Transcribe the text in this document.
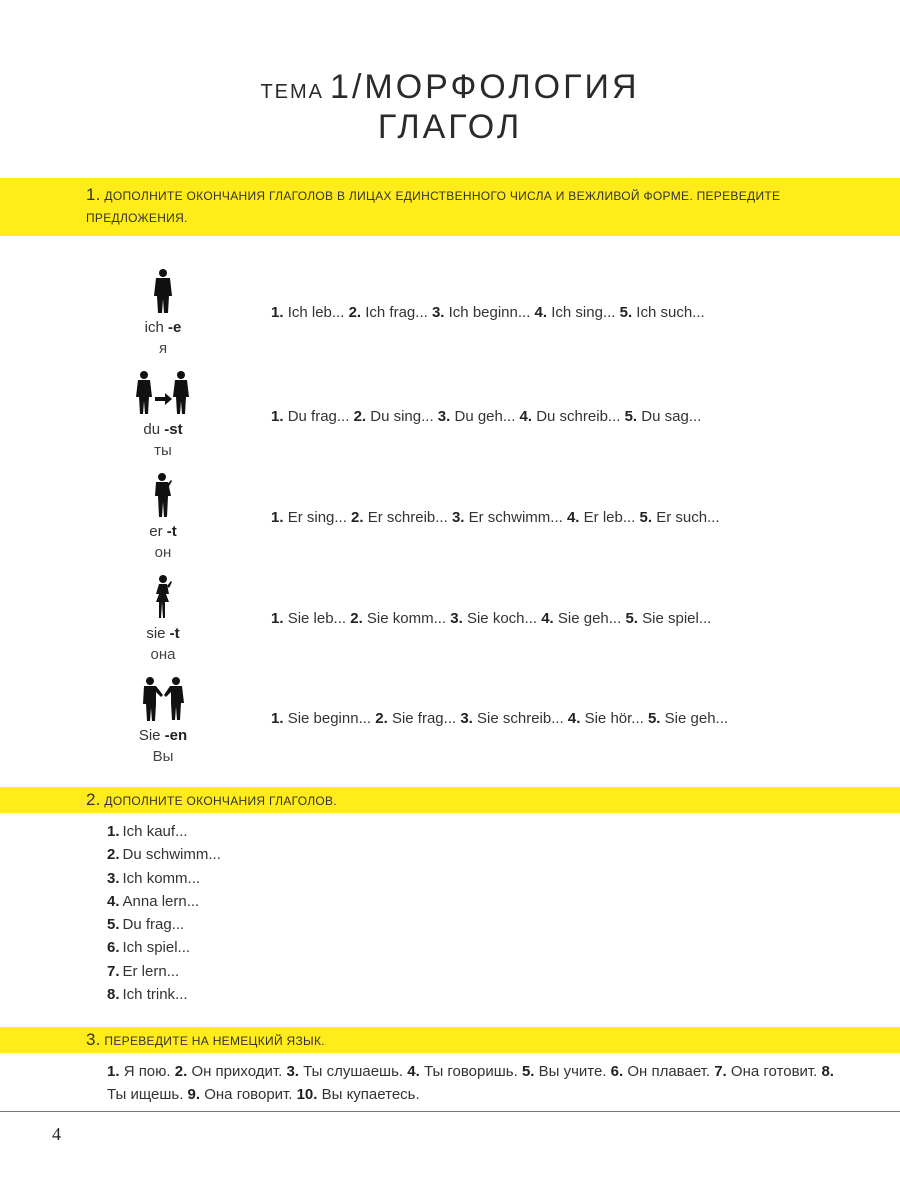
ТЕМА 1/МОРФОЛОГИЯ
ГЛАГОЛ
1. ДОПОЛНИТЕ ОКОНЧАНИЯ ГЛАГОЛОВ В ЛИЦАХ ЕДИНСТВЕННОГО ЧИСЛА И ВЕЖЛИВОЙ ФОРМЕ. ПЕРЕВЕДИТЕ ПРЕДЛОЖЕНИЯ.
ich -e
я
1. Ich leb... 2. Ich frag... 3. Ich beginn... 4. Ich sing... 5. Ich such...
du -st
ты
1. Du frag... 2. Du sing... 3. Du geh... 4. Du schreib... 5. Du sag...
er -t
он
1. Er sing... 2. Er schreib... 3. Er schwimm... 4. Er leb... 5. Er such...
sie -t
она
1. Sie leb... 2. Sie komm... 3. Sie koch... 4. Sie geh... 5. Sie spiel...
Sie -en
Вы
1. Sie beginn... 2. Sie frag... 3. Sie schreib... 4. Sie hör... 5. Sie geh...
2. ДОПОЛНИТЕ ОКОНЧАНИЯ ГЛАГОЛОВ.
1. Ich kauf...
2. Du schwimm...
3. Ich komm...
4. Anna lern...
5. Du frag...
6. Ich spiel...
7. Er lern...
8. Ich trink...
3. ПЕРЕВЕДИТЕ НА НЕМЕЦКИЙ ЯЗЫК.
1. Я пою. 2. Он приходит. 3. Ты слушаешь. 4. Ты говоришь. 5. Вы учите. 6. Он плавает. 7. Она готовит. 8. Ты ищешь. 9. Она говорит. 10. Вы купаетесь.
4
